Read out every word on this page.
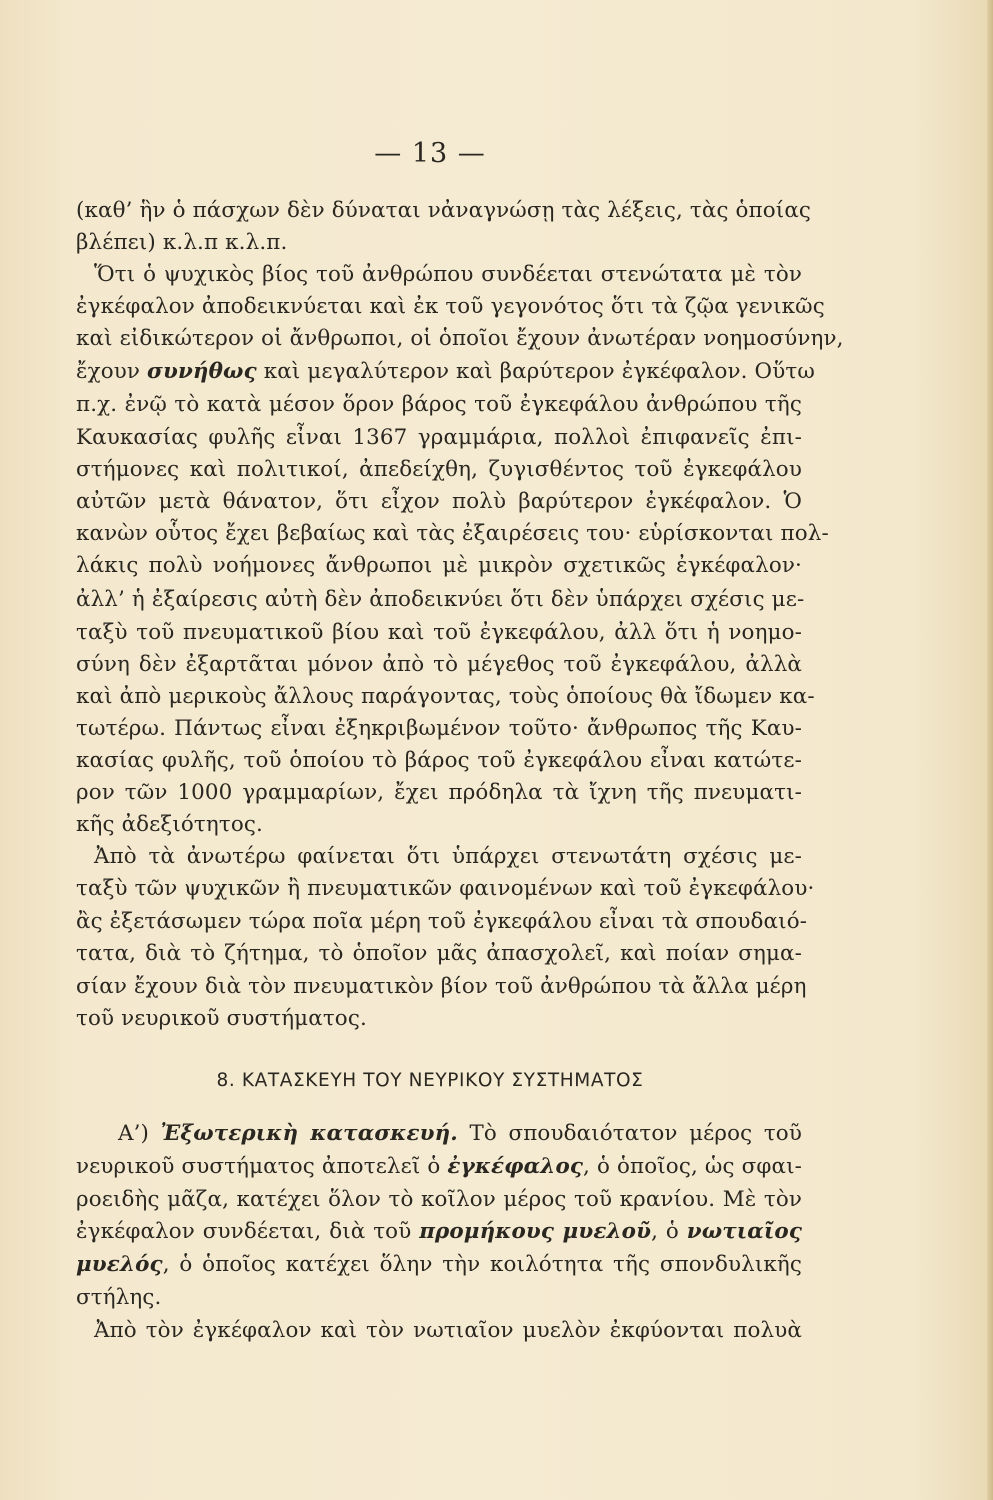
— 13 —
(καθ’ ἣν ὁ πάσχων δὲν δύναται νἀναγνώσῃ τὰς λέξεις, τὰς ὁποίας
βλέπει) κ.λ.π κ.λ.π.
Ὅτι ὁ ψυχικὸς βίος τοῦ ἀνθρώπου συνδέεται στενώτατα μὲ τὸν
ἐγκέφαλον ἀποδεικνύεται καὶ ἐκ τοῦ γεγονότος ὅτι τὰ ζῷα γενικῶς
καὶ εἰδικώτερον οἱ ἄνθρωποι, οἱ ὁποῖοι ἔχουν ἀνωτέραν νοημοσύνην,
ἔχουν συνήθως καὶ μεγαλύτερον καὶ βαρύτερον ἐγκέφαλον. Οὕτω
π.χ. ἐνῷ τὸ κατὰ μέσον ὅρον βάρος τοῦ ἐγκεφάλου ἀνθρώπου τῆς
Καυκασίας φυλῆς εἶναι 1367 γραμμάρια, πολλοὶ ἐπιφανεῖς ἐπι-
στήμονες καὶ πολιτικοί, ἀπεδείχθη, ζυγισθέντος τοῦ ἐγκεφάλου
αὐτῶν μετὰ θάνατον, ὅτι εἶχον πολὺ βαρύτερον ἐγκέφαλον. Ὁ
κανὼν οὗτος ἔχει βεβαίως καὶ τὰς ἐξαιρέσεις του· εὑρίσκονται πολ-
λάκις πολὺ νοήμονες ἄνθρωποι μὲ μικρὸν σχετικῶς ἐγκέφαλον·
ἀλλ’ ἡ ἐξαίρεσις αὐτὴ δὲν ἀποδεικνύει ὅτι δὲν ὑπάρχει σχέσις με-
ταξὺ τοῦ πνευματικοῦ βίου καὶ τοῦ ἐγκεφάλου, ἀλλ ὅτι ἡ νοημο-
σύνη δὲν ἐξαρτᾶται μόνον ἀπὸ τὸ μέγεθος τοῦ ἐγκεφάλου, ἀλλὰ
καὶ ἀπὸ μερικοὺς ἄλλους παράγοντας, τοὺς ὁποίους θὰ ἴδωμεν κα-
τωτέρω. Πάντως εἶναι ἐξηκριβωμένον τοῦτο· ἄνθρωπος τῆς Καυ-
κασίας φυλῆς, τοῦ ὁποίου τὸ βάρος τοῦ ἐγκεφάλου εἶναι κατώτε-
ρον τῶν 1000 γραμμαρίων, ἔχει πρόδηλα τὰ ἴχνη τῆς πνευματι-
κῆς ἀδεξιότητος.
Ἀπὸ τὰ ἀνωτέρω φαίνεται ὅτι ὑπάρχει στενωτάτη σχέσις με-
ταξὺ τῶν ψυχικῶν ἢ πνευματικῶν φαινομένων καὶ τοῦ ἐγκεφάλου·
ἂς ἐξετάσωμεν τώρα ποῖα μέρη τοῦ ἐγκεφάλου εἶναι τὰ σπουδαιό-
τατα, διὰ τὸ ζήτημα, τὸ ὁποῖον μᾶς ἀπασχολεῖ, καὶ ποίαν σημα-
σίαν ἔχουν διὰ τὸν πνευματικὸν βίον τοῦ ἀνθρώπου τὰ ἄλλα μέρη
τοῦ νευρικοῦ συστήματος.
8. ΚΑΤΑΣΚΕΥΗ ΤΟΥ ΝΕΥΡΙΚΟΥ ΣΥΣΤΗΜΑΤΟΣ
Α’) Ἐξωτερικὴ κατασκευή. Τὸ σπουδαιότατον μέρος τοῦ
νευρικοῦ συστήματος ἀποτελεῖ ὁ ἐγκέφαλος, ὁ ὁποῖος, ὡς σφαι-
ροειδὴς μᾶζα, κατέχει ὅλον τὸ κοῖλον μέρος τοῦ κρανίου. Μὲ τὸν
ἐγκέφαλον συνδέεται, διὰ τοῦ προμήκους μυελοῦ, ὁ νωτιαῖος
μυελός, ὁ ὁποῖος κατέχει ὅλην τὴν κοιλότητα τῆς σπονδυλικῆς
στήλης.
Ἀπὸ τὸν ἐγκέφαλον καὶ τὸν νωτιαῖον μυελὸν ἐκφύονται πολυὰ
